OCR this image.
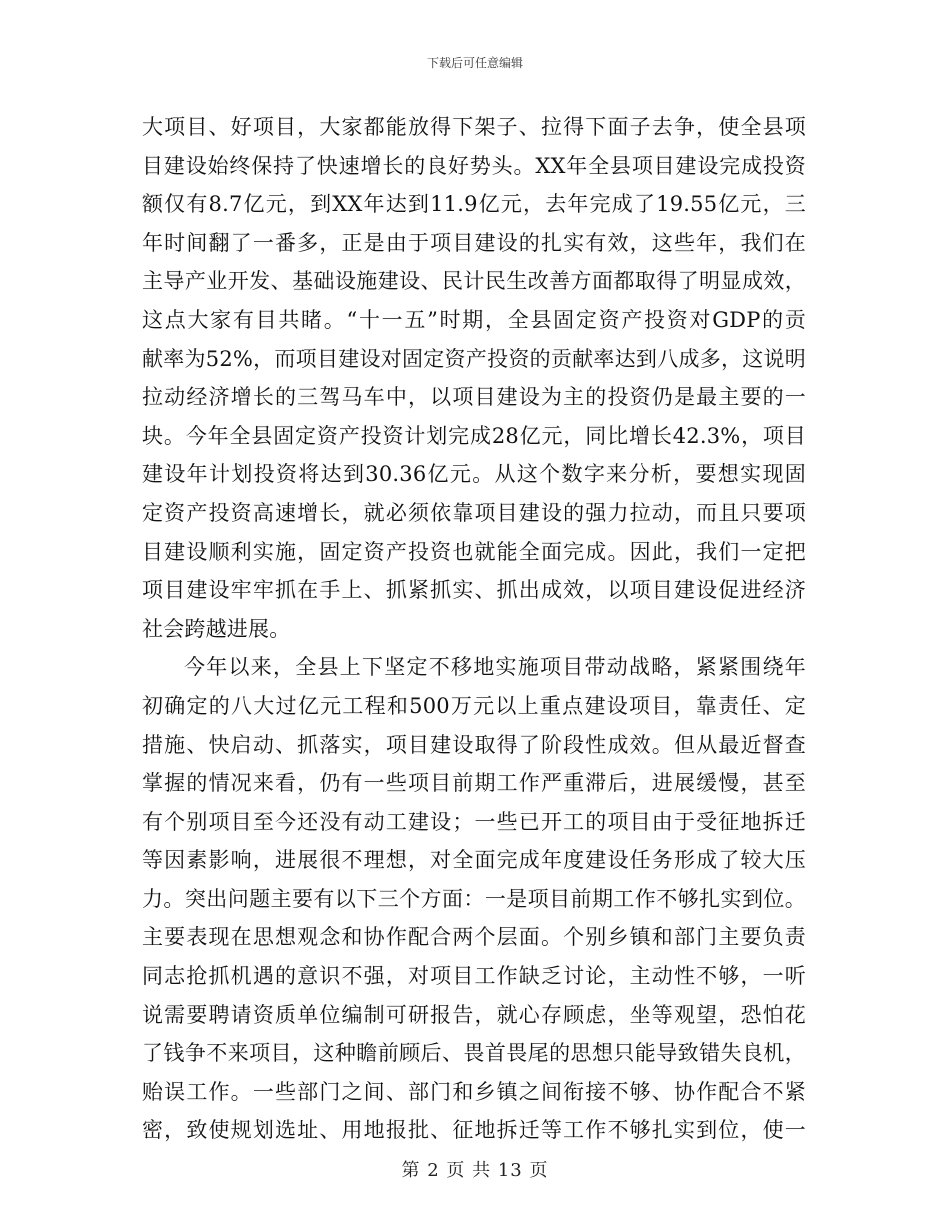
下载后可任意编辑
大项目、好项目，大家都能放得下架子、拉得下面子去争，使全县项
目建设始终保持了快速增长的良好势头。XX年全县项目建设完成投资
额仅有8.7亿元，到XX年达到11.9亿元，去年完成了19.55亿元，三
年时间翻了一番多，正是由于项目建设的扎实有效，这些年，我们在
主导产业开发、基础设施建设、民计民生改善方面都取得了明显成效，
这点大家有目共睹。“十一五”时期，全县固定资产投资对GDP的贡
献率为52%，而项目建设对固定资产投资的贡献率达到八成多，这说明
拉动经济增长的三驾马车中，以项目建设为主的投资仍是最主要的一
块。今年全县固定资产投资计划完成28亿元，同比增长42.3%，项目
建设年计划投资将达到30.36亿元。从这个数字来分析，要想实现固
定资产投资高速增长，就必须依靠项目建设的强力拉动，而且只要项
目建设顺利实施，固定资产投资也就能全面完成。因此，我们一定把
项目建设牢牢抓在手上、抓紧抓实、抓出成效，以项目建设促进经济
社会跨越进展。
今年以来，全县上下坚定不移地实施项目带动战略，紧紧围绕年
初确定的八大过亿元工程和500万元以上重点建设项目，靠责任、定
措施、快启动、抓落实，项目建设取得了阶段性成效。但从最近督查
掌握的情况来看，仍有一些项目前期工作严重滞后，进展缓慢，甚至
有个别项目至今还没有动工建设；一些已开工的项目由于受征地拆迁
等因素影响，进展很不理想，对全面完成年度建设任务形成了较大压
力。突出问题主要有以下三个方面：一是项目前期工作不够扎实到位。
主要表现在思想观念和协作配合两个层面。个别乡镇和部门主要负责
同志抢抓机遇的意识不强，对项目工作缺乏讨论，主动性不够，一听
说需要聘请资质单位编制可研报告，就心存顾虑，坐等观望，恐怕花
了钱争不来项目，这种瞻前顾后、畏首畏尾的思想只能导致错失良机，
贻误工作。一些部门之间、部门和乡镇之间衔接不够、协作配合不紧
密，致使规划选址、用地报批、征地拆迁等工作不够扎实到位，使一
第 2 页 共 13 页
